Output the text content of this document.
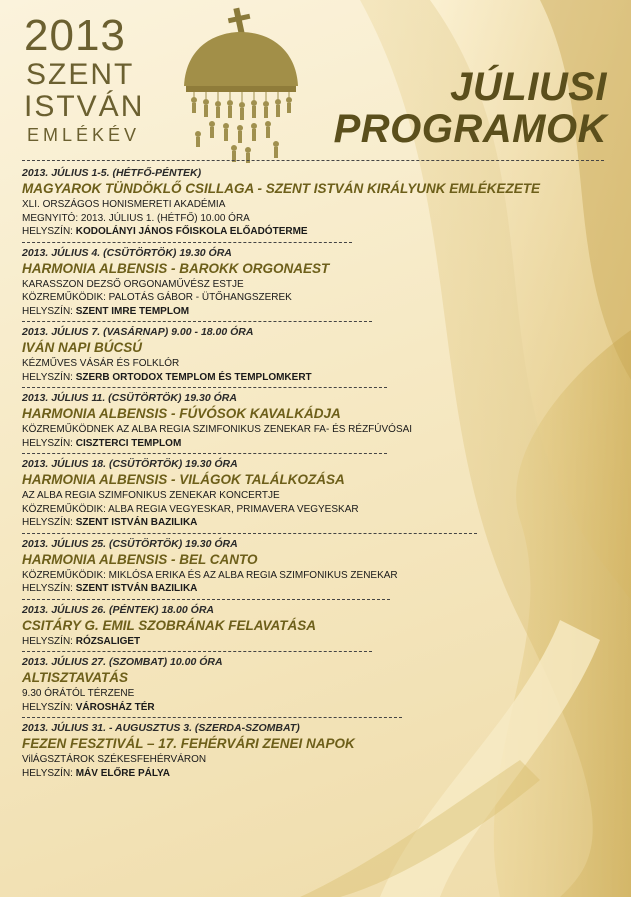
2013
SZENT
ISTVÁN
EMLÉKÉV
JÚLIUSI
PROGRAMOK
2013. JÚLIUS 1-5. (HÉTFŐ-PÉNTEK)
MAGYAROK TÜNDÖKLŐ CSILLAGA - SZENT ISTVÁN KIRÁLYUNK EMLÉKEZETE
XLI. ORSZÁGOS HONISMERETI AKADÉMIA
MEGNYITÓ: 2013. JÚLIUS 1. (HÉTFŐ) 10.00 ÓRA
HELYSZÍN: KODOLÁNYI JÁNOS FŐISKOLA ELŐADÓTERME
2013. JÚLIUS 4. (CSÜTÖRTÖK) 19.30 ÓRA
HARMONIA ALBENSIS - BAROKK ORGONAEST
KARASSZON DEZSŐ ORGONAMŰVÉSZ ESTJE
KÖZREMŰKÖDIK: PALOTÁS GÁBOR - ÜTŐHANGSZEREK
HELYSZÍN: SZENT IMRE TEMPLOM
2013. JÚLIUS 7. (VASÁRNAP) 9.00 - 18.00 ÓRA
IVÁN NAPI BÚCSÚ
KÉZMŰVES VÁSÁR ÉS FOLKLÓR
HELYSZÍN: SZERB ORTODOX TEMPLOM ÉS TEMPLOMKERT
2013. JÚLIUS 11. (CSÜTÖRTÖK) 19.30 ÓRA
HARMONIA ALBENSIS - FÚVÓSOK KAVALKÁDJA
KÖZREMŰKÖDNEK AZ ALBA REGIA SZIMFONIKUS ZENEKAR FA- ÉS RÉZFÚVÓSAI
HELYSZÍN: CISZTERCI TEMPLOM
2013. JÚLIUS 18. (CSÜTÖRTÖK) 19.30 ÓRA
HARMONIA ALBENSIS - VILÁGOK TALÁLKOZÁSA
AZ ALBA REGIA SZIMFONIKUS ZENEKAR KONCERTJE
KÖZREMŰKÖDIK: ALBA REGIA VEGYESKAR, PRIMAVERA VEGYESKAR
HELYSZÍN: SZENT ISTVÁN BAZILIKA
2013. JÚLIUS 25. (CSÜTÖRTÖK) 19.30 ÓRA
HARMONIA ALBENSIS - BEL CANTO
KÖZREMŰKÖDIK: MIKLÓSA ERIKA ÉS AZ ALBA REGIA SZIMFONIKUS ZENEKAR
HELYSZÍN: SZENT ISTVÁN BAZILIKA
2013. JÚLIUS 26. (PÉNTEK) 18.00 ÓRA
CSITÁRY G. EMIL SZOBRÁNAK FELAVATÁSA
HELYSZÍN: RÓZSALIGET
2013. JÚLIUS 27. (SZOMBAT) 10.00 ÓRA
ALTISZTAVATÁS
9.30 ÓRÁTÓL TÉRZENE
HELYSZÍN: VÁROSHÁZ TÉR
2013. JÚLIUS 31. - AUGUSZTUS 3. (SZERDA-SZOMBAT)
FEZEN FESZTIVÁL – 17. FEHÉRVÁRI ZENEI NAPOK
VilÁGSZTÁROK SZÉKESFEHÉRVÁRON
HELYSZÍN: MÁV ELŐRE PÁLYA
